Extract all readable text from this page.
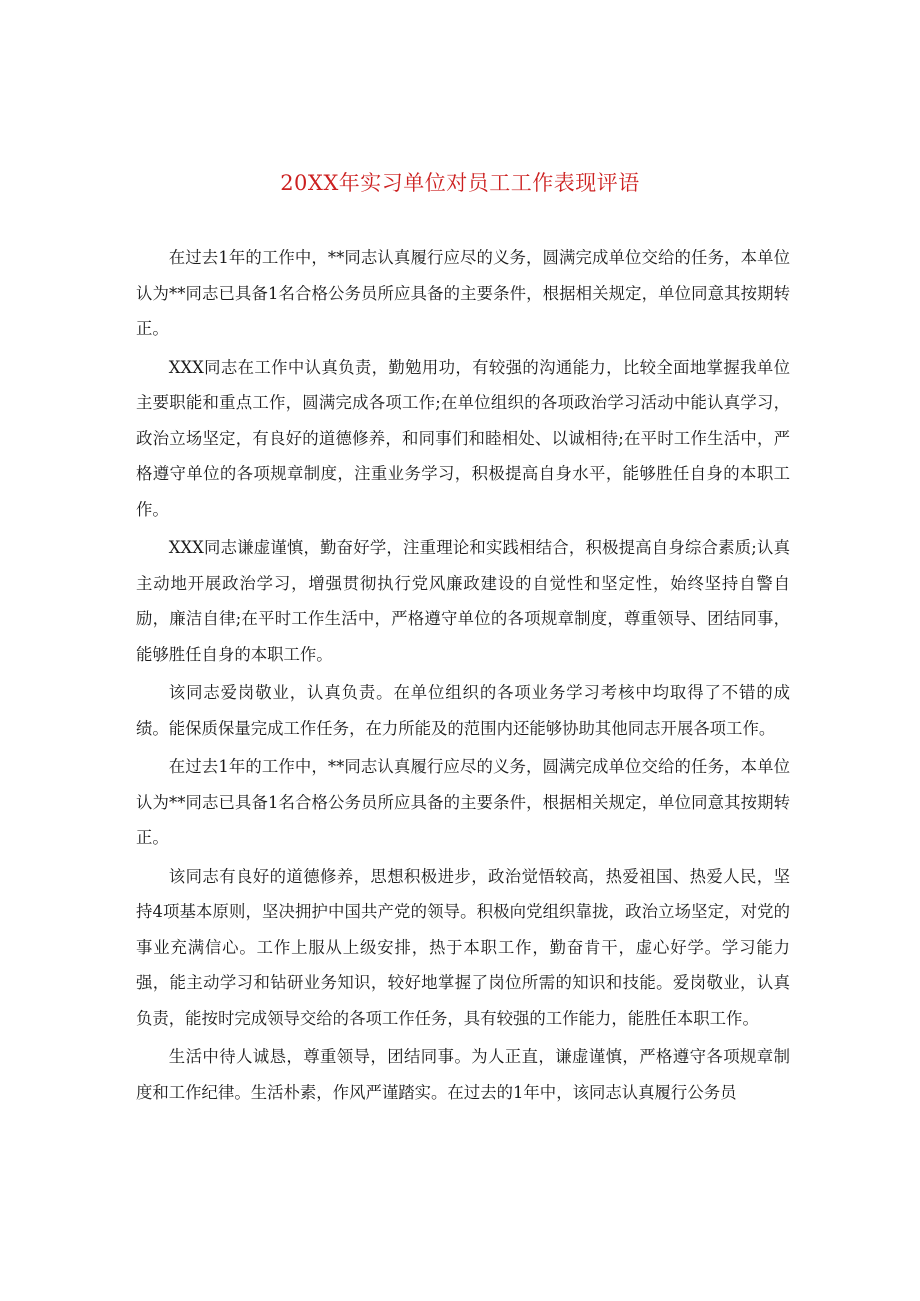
20XX年实习单位对员工工作表现评语

在过去1年的工作中，**同志认真履行应尽的义务，圆满完成单位交给的任务，本单位认为**同志已具备1名合格公务员所应具备的主要条件，根据相关规定，单位同意其按期转正。

XXX同志在工作中认真负责，勤勉用功，有较强的沟通能力，比较全面地掌握我单位主要职能和重点工作，圆满完成各项工作;在单位组织的各项政治学习活动中能认真学习，政治立场坚定，有良好的道德修养，和同事们和睦相处、以诚相待;在平时工作生活中，严格遵守单位的各项规章制度，注重业务学习，积极提高自身水平，能够胜任自身的本职工作。

XXX同志谦虚谨慎，勤奋好学，注重理论和实践相结合，积极提高自身综合素质;认真主动地开展政治学习，增强贯彻执行党风廉政建设的自觉性和坚定性，始终坚持自警自励，廉洁自律;在平时工作生活中，严格遵守单位的各项规章制度，尊重领导、团结同事，能够胜任自身的本职工作。

该同志爱岗敬业，认真负责。在单位组织的各项业务学习考核中均取得了不错的成绩。能保质保量完成工作任务，在力所能及的范围内还能够协助其他同志开展各项工作。

在过去1年的工作中，**同志认真履行应尽的义务，圆满完成单位交给的任务，本单位认为**同志已具备1名合格公务员所应具备的主要条件，根据相关规定，单位同意其按期转正。

该同志有良好的道德修养，思想积极进步，政治觉悟较高，热爱祖国、热爱人民，坚持4项基本原则，坚决拥护中国共产党的领导。积极向党组织靠拢，政治立场坚定，对党的事业充满信心。工作上服从上级安排，热于本职工作，勤奋肯干，虚心好学。学习能力强，能主动学习和钻研业务知识，较好地掌握了岗位所需的知识和技能。爱岗敬业，认真负责，能按时完成领导交给的各项工作任务，具有较强的工作能力，能胜任本职工作。

生活中待人诚恳，尊重领导，团结同事。为人正直，谦虚谨慎，严格遵守各项规章制度和工作纪律。生活朴素，作风严谨踏实。在过去的1年中，该同志认真履行公务员
